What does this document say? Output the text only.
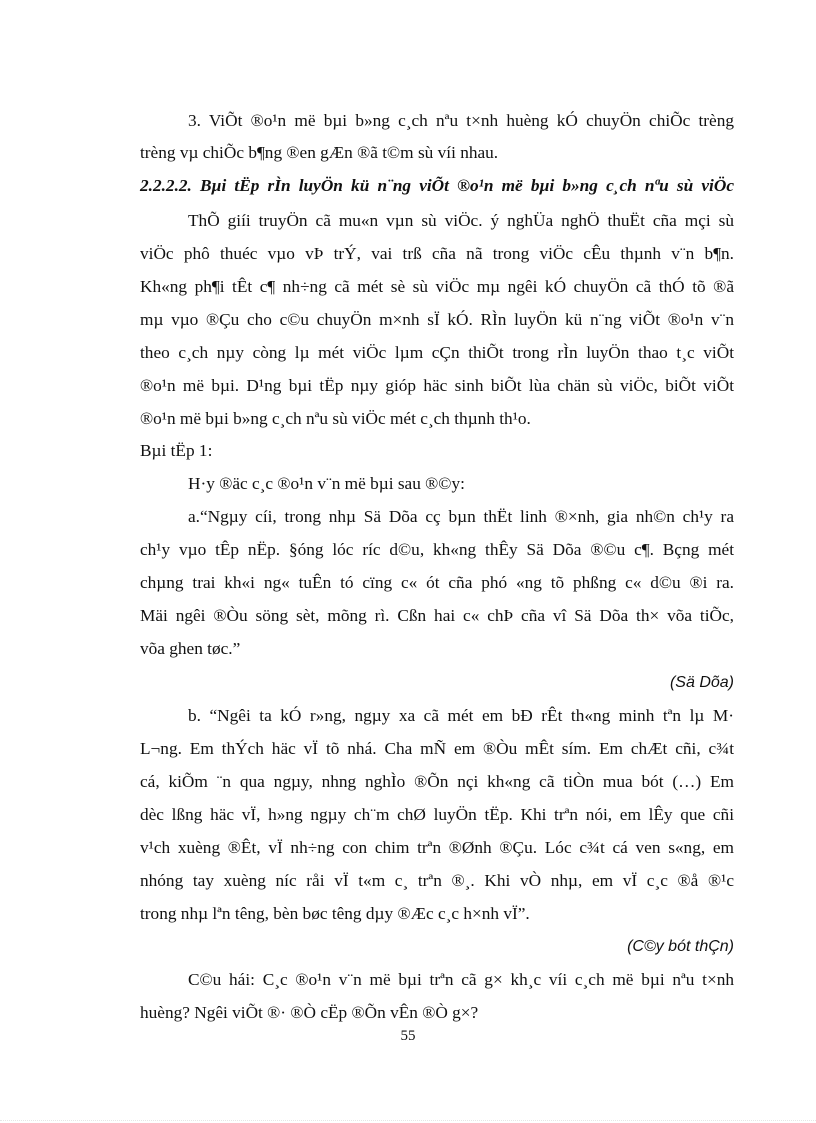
3. ViÕt ®o¹n më bµi b»ng c¸ch nªu t×nh huèng kÓ chuyÖn chiÕc trèng

trèng vµ chiÕc b¶ng ®en gÆn ®ã t©m sù víi nhau.

2.2.2.2. Bµi tËp rÌn luyÖn kü n¨ng viÕt ®o¹n më bµi b»ng c¸ch nªu sù viÖc

ThÕ giíi truyÖn cã mu«n vµn sù viÖc. ý nghÜa nghÖ thuËt cña mçi sù

viÖc phô thuéc vµo vÞ trÝ, vai trß cña nã trong viÖc cÊu thµnh v¨n b¶n.

Kh«ng ph¶i tÊt c¶ nh÷ng cã mét sè sù viÖc mµ ngêi kÓ chuyÖn cã thÓ tõ ®ã

mµ vµo ®Çu cho c©u chuyÖn m×nh sÏ kÓ. RÌn luyÖn kü n¨ng viÕt ®o¹n v¨n

theo c¸ch nµy còng lµ mét viÖc lµm cÇn thiÕt trong rÌn luyÖn thao t¸c viÕt

®o¹n më bµi. D¹ng bµi tËp nµy gióp häc sinh biÕt lùa chän sù viÖc, biÕt viÕt

®o¹n më bµi b»ng c¸ch nªu sù viÖc mét c¸ch thµnh th¹o.

Bµi tËp 1:

H·y ®äc c¸c ®o¹n v¨n më bµi sau ®©y:

a.“Ngµy cíi, trong nhµ Sä Dõa cç bµn thËt linh ®×nh, gia nh©n ch¹y ra

ch¹y vµo tÊp nËp. §óng lóc ríc d©u, kh«ng thÊy Sä Dõa ®©u c¶. Bçng mét

chµng trai kh«i ng« tuÊn tó cïng c« ót cña phó «ng tõ phßng c« d©u ®i ra.

Mäi ngêi ®Òu söng sèt, mõng rì. Cßn hai c« chÞ cña vî Sä Dõa th× võa tiÕc,

võa ghen tøc.”

(Sä Dõa)

b. “Ngêi ta kÓ r»ng, ngµy xa cã mét em bÐ rÊt th«ng minh tªn lµ M·

L¬ng. Em thÝch häc vÏ tõ nhá. Cha mÑ em ®Òu mÊt sím. Em chÆt cñi, c¾t

cá, kiÕm ¨n qua ngµy, nhng nghÌo ®Õn nçi kh«ng cã tiÒn mua bót (…) Em

dèc lßng häc vÏ, h»ng ngµy ch¨m chØ luyÖn tËp. Khi trªn nói, em lÊy que cñi

v¹ch xuèng ®Êt, vÏ nh÷ng con chim trªn ®Ønh ®Çu. Lóc c¾t cá ven s«ng, em

nhóng tay xuèng níc råi vÏ t«m c¸ trªn ®¸. Khi vÒ nhµ, em vÏ c¸c ®å ®¹c

trong nhµ lªn têng, bèn bøc têng dµy ®Æc c¸c h×nh vÏ”.

(C©y bót thÇn)

C©u hái: C¸c ®o¹n v¨n më bµi trªn cã g× kh¸c víi c¸ch më bµi nªu t×nh

huèng? Ngêi viÕt ®· ®Ò cËp ®Õn vÊn ®Ò g×?

55
